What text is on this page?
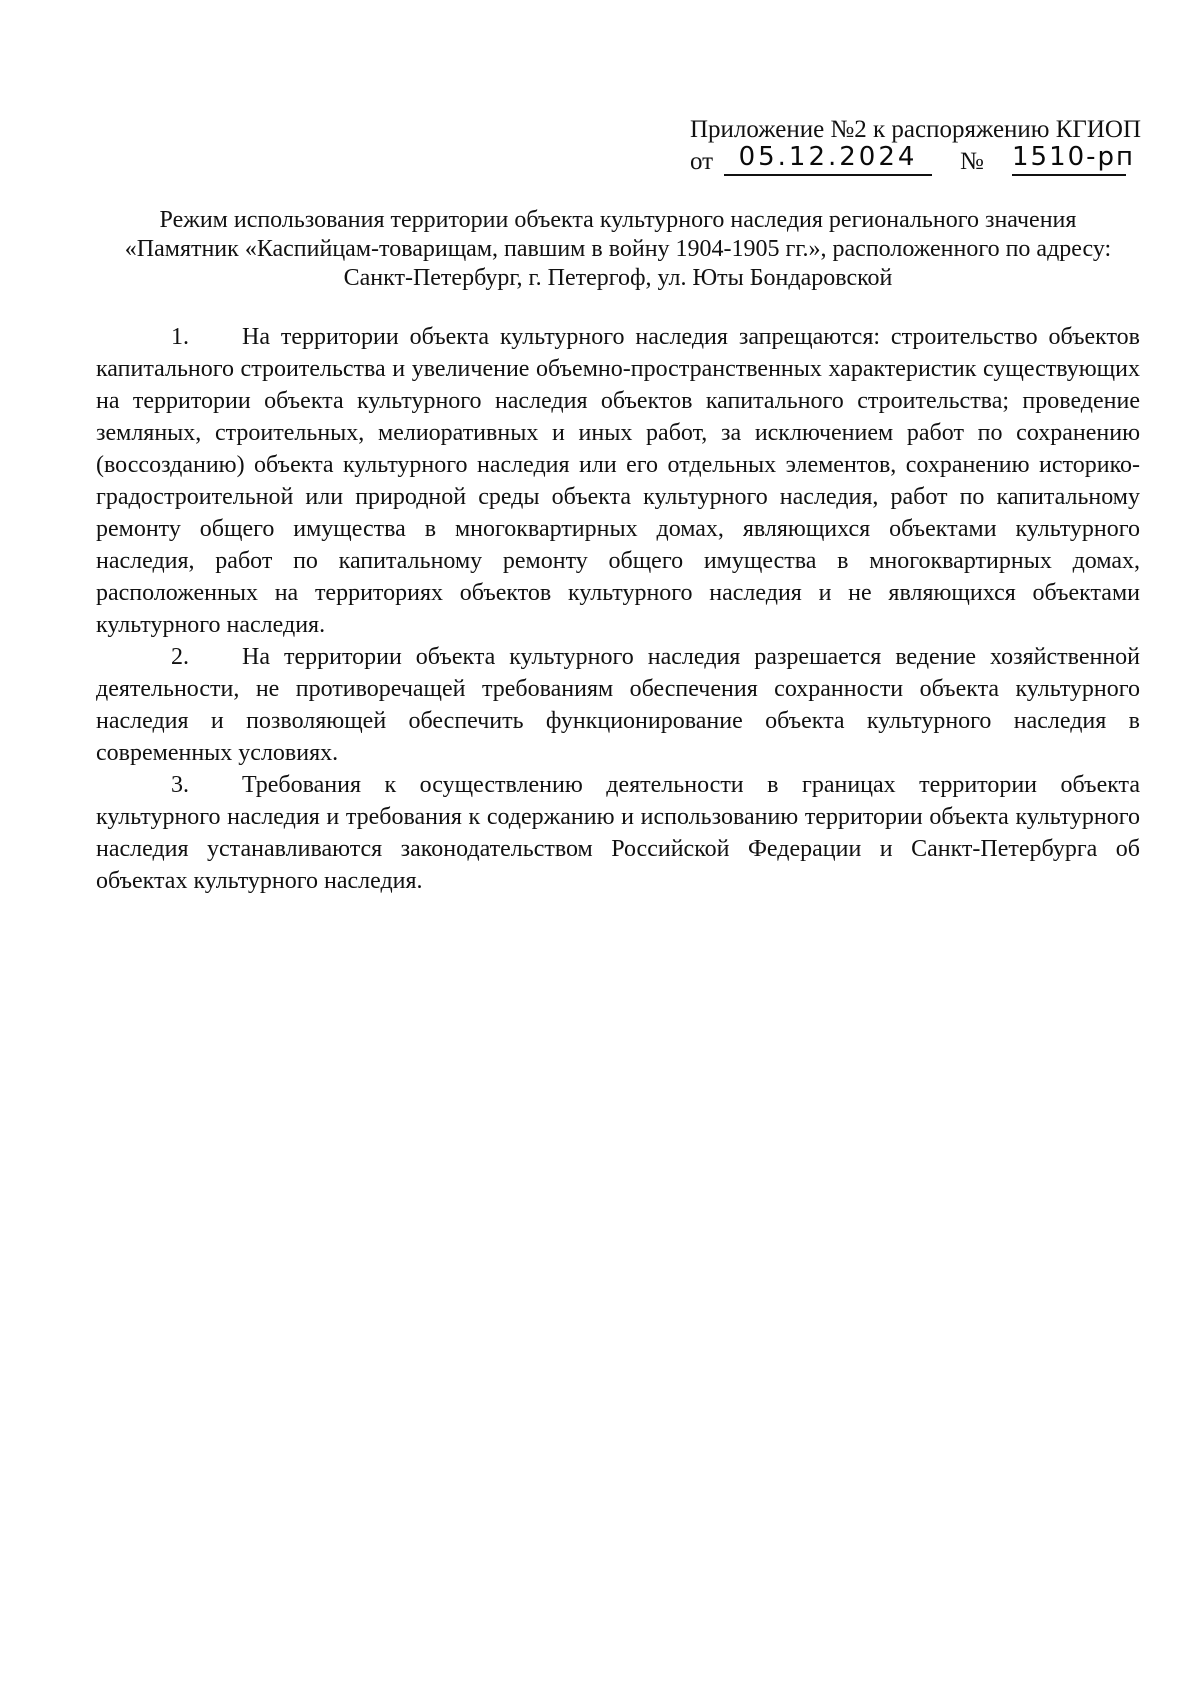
Приложение №2 к распоряжению КГИОП
от 05.12.2024	№ 1510-рп
Режим использования территории объекта культурного наследия регионального значения
«Памятник «Каспийцам-товарищам, павшим в войну 1904-1905 гг.», расположенного по адресу:
Санкт-Петербург, г. Петергоф, ул. Юты Бондаровской

1. На территории объекта культурного наследия запрещаются: строительство объектов капитального строительства и увеличение объемно-пространственных характеристик существующих на территории объекта культурного наследия объектов капитального строительства; проведение земляных, строительных, мелиоративных и иных работ, за исключением работ по сохранению (воссозданию) объекта культурного наследия или его отдельных элементов, сохранению историко-градостроительной или природной среды объекта культурного наследия, работ по капитальному ремонту общего имущества в многоквартирных домах, являющихся объектами культурного наследия, работ по капитальному ремонту общего имущества в многоквартирных домах, расположенных на территориях объектов культурного наследия и не являющихся объектами культурного наследия.

2. На территории объекта культурного наследия разрешается ведение хозяйственной деятельности, не противоречащей требованиям обеспечения сохранности объекта культурного наследия и позволяющей обеспечить функционирование объекта культурного наследия в современных условиях.

3. Требования к осуществлению деятельности в границах территории объекта культурного наследия и требования к содержанию и использованию территории объекта культурного наследия устанавливаются законодательством Российской Федерации и Санкт-Петербурга об объектах культурного наследия.
